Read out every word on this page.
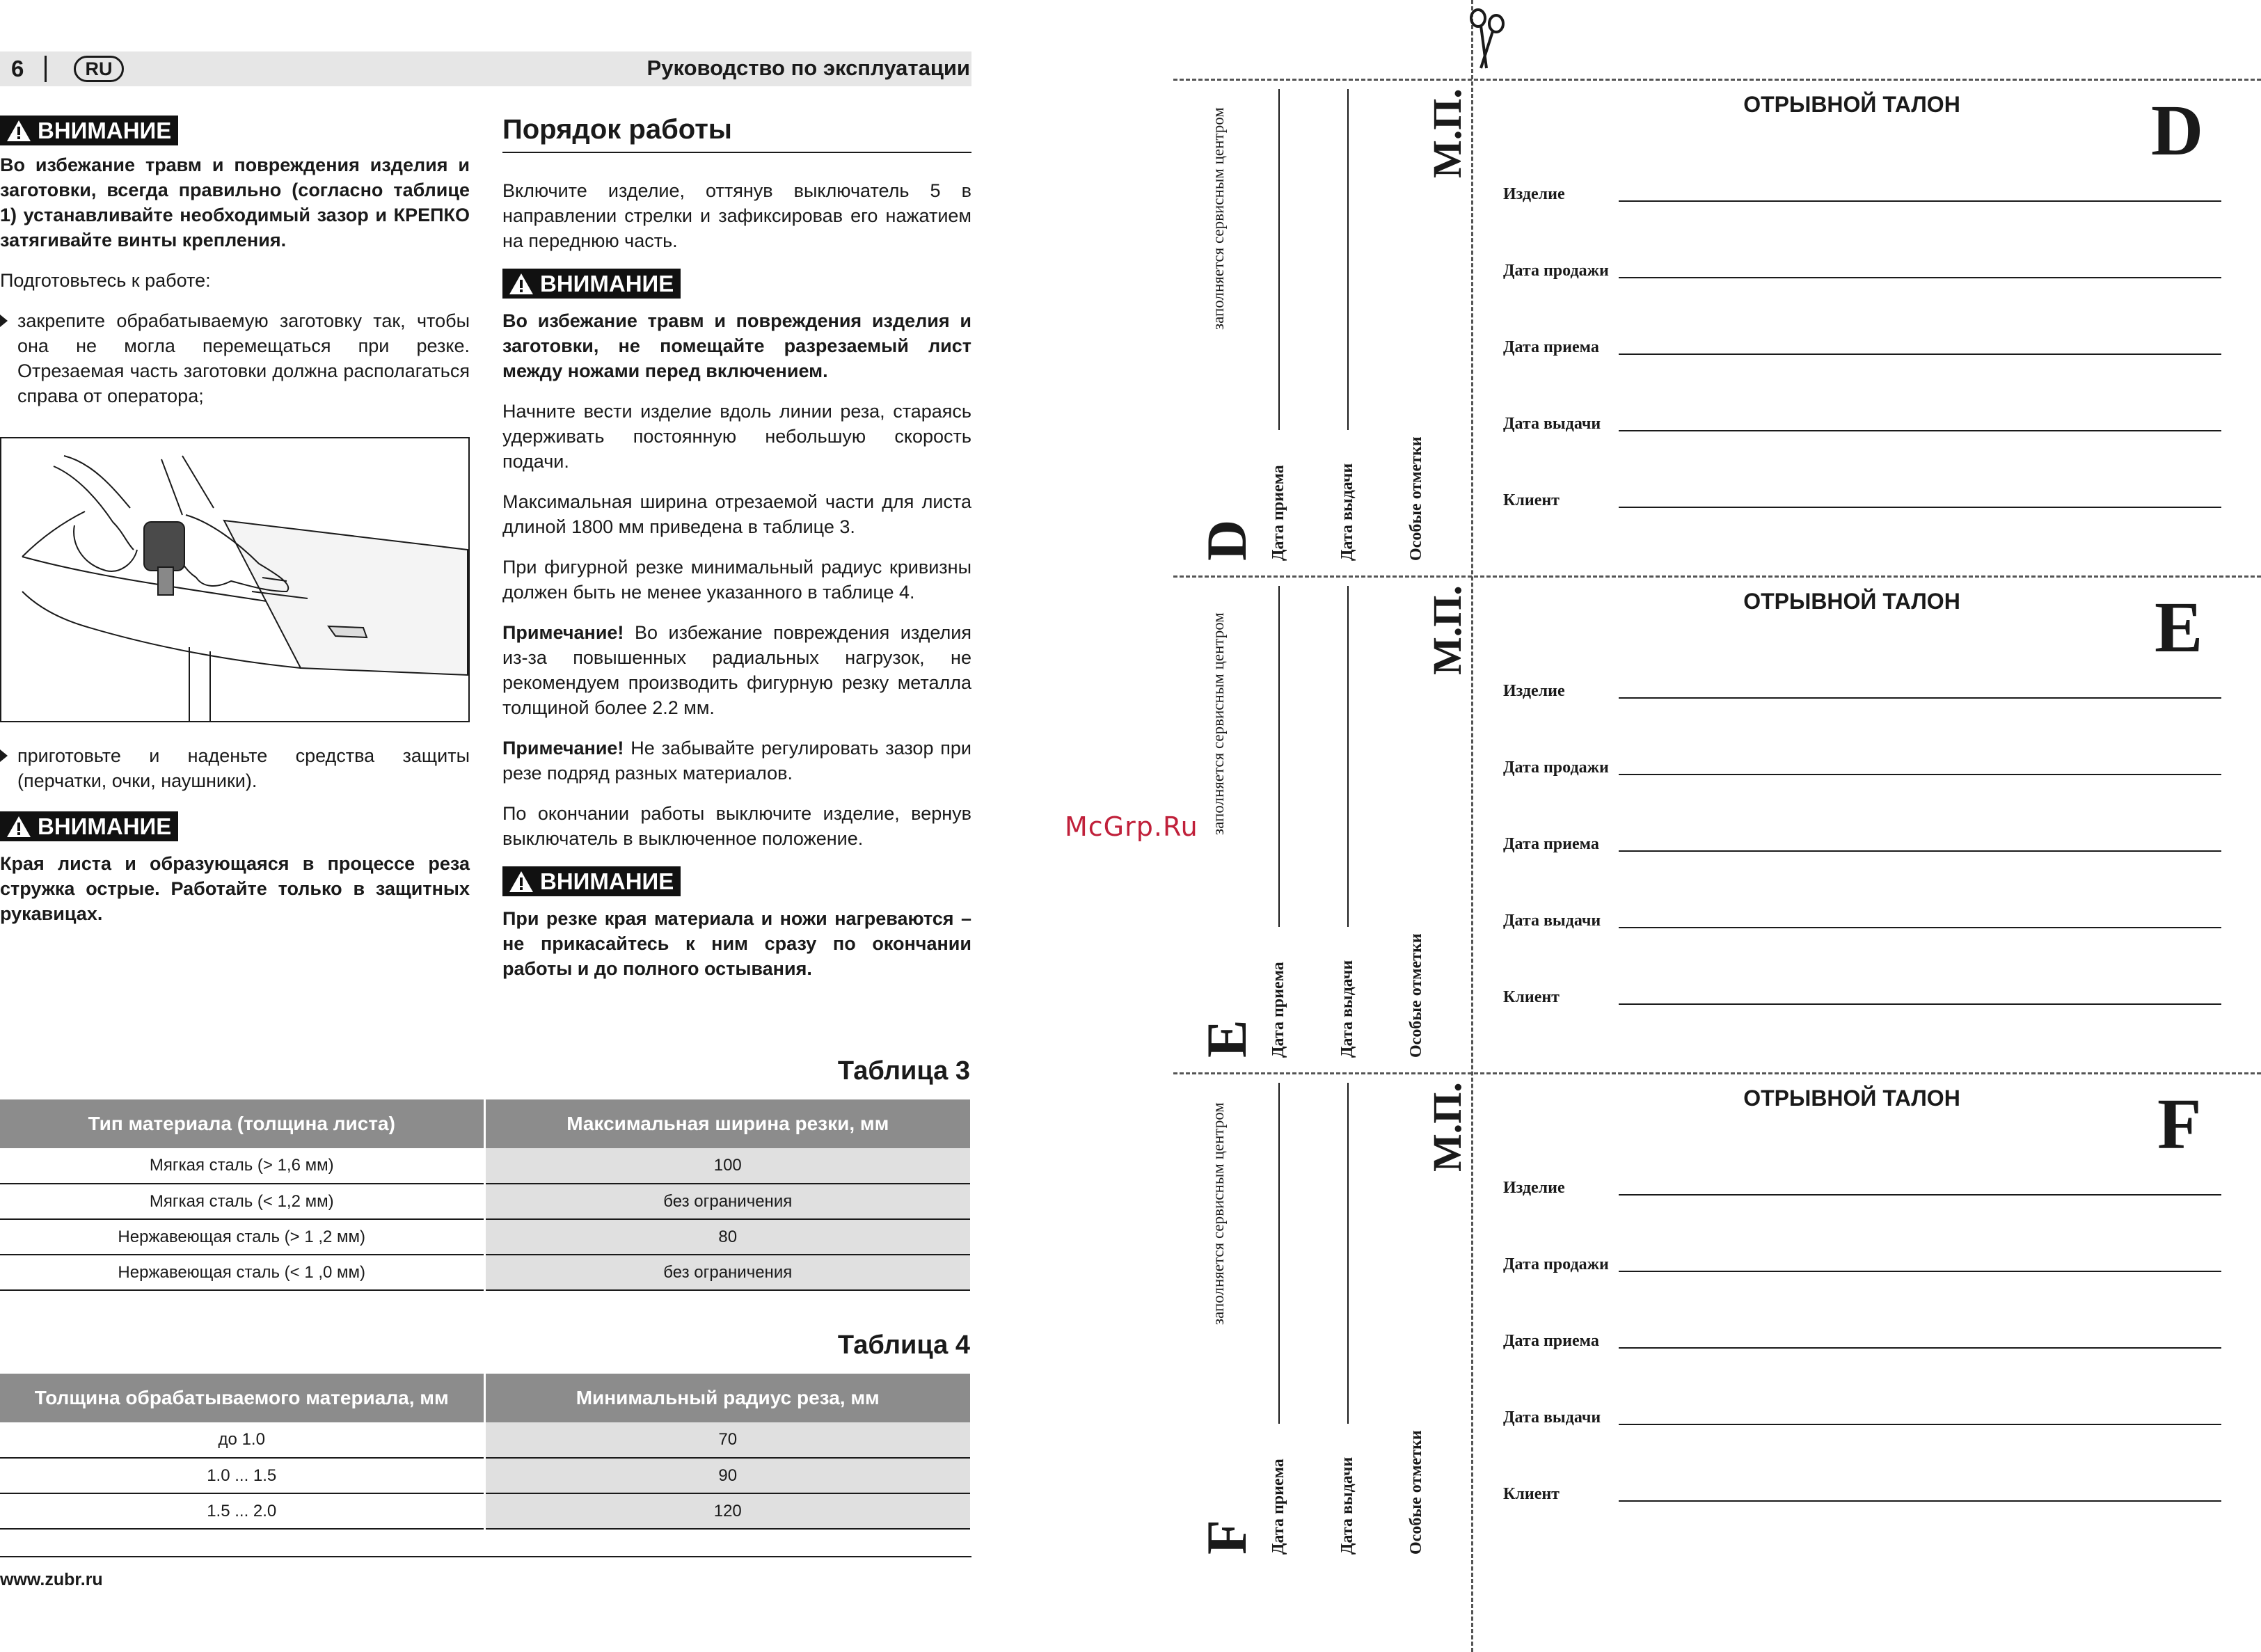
6	RU	Руководство по эксплуатации
ВНИМАНИЕ

Во избежание травм и повреждения изделия и заготовки, всегда правильно (согласно таблице 1) устанавливайте необходимый зазор и КРЕПКО затягивайте винты крепления.

Подготовьтесь к работе:

закрепите обрабатываемую заготовку так, чтобы она не могла перемещаться при резке. Отрезаемая часть заготовки должна располагаться справа от оператора;

приготовьте и наденьте средства защиты (перчатки, очки, наушники).

ВНИМАНИЕ

Края листа и образующаяся в процессе реза стружка острые. Работайте только в защитных рукавицах.

Порядок работы

Включите изделие, оттянув выключатель 5 в направлении стрелки и зафиксировав его нажатием на переднюю часть.

ВНИМАНИЕ

Во избежание травм и повреждения изделия и заготовки, не помещайте разрезаемый лист между ножами перед включением.

Начните вести изделие вдоль линии реза, стараясь удерживать постоянную небольшую скорость подачи.

Максимальная ширина отрезаемой части для листа длиной 1800 мм приведена в таблице 3.

При фигурной резке минимальный радиус кривизны должен быть не менее указанного в таблице 4.

Примечание! Во избежание повреждения изделия из-за повышенных радиальных нагрузок, не рекомендуем производить фигурную резку металла толщиной более 2.2 мм.

Примечание! Не забывайте регулировать зазор при резе подряд разных материалов.

По окончании работы выключите изделие, вернув выключатель в выключенное положение.

ВНИМАНИЕ

При резке края материала и ножи нагреваются – не прикасайтесь к ним сразу по окончании работы и до полного остывания.

Таблица 3
Тип материала (толщина листа)	Максимальная ширина резки, мм
Мягкая сталь (> 1,6 мм)	100
Мягкая сталь (< 1,2 мм)	без ограничения
Нержавеющая сталь (> 1 ,2 мм)	80
Нержавеющая сталь (< 1 ,0 мм)	без ограничения
Таблица 4
Толщина обрабатываемого материала, мм	Минимальный радиус реза, мм
до 1.0	70
1.0 ... 1.5	90
1.5 ... 2.0	120
www.zubr.ru
McGrp.Ru
заполняется сервисным центром
D Дата приема	Дата выдачи	Особые отметки
М.П.	ОТРЫВНОЙ ТАЛОН	D
Изделие
Дата продажи
Дата приема
Дата выдачи
Клиент
заполняется сервисным центром
E Дата приема	Дата выдачи	Особые отметки
М.П.	ОТРЫВНОЙ ТАЛОН	E
Изделие
Дата продажи
Дата приема
Дата выдачи
Клиент
заполняется сервисным центром
F Дата приема	Дата выдачи	Особые отметки
М.П.	ОТРЫВНОЙ ТАЛОН	F
Изделие
Дата продажи
Дата приема
Дата выдачи
Клиент
